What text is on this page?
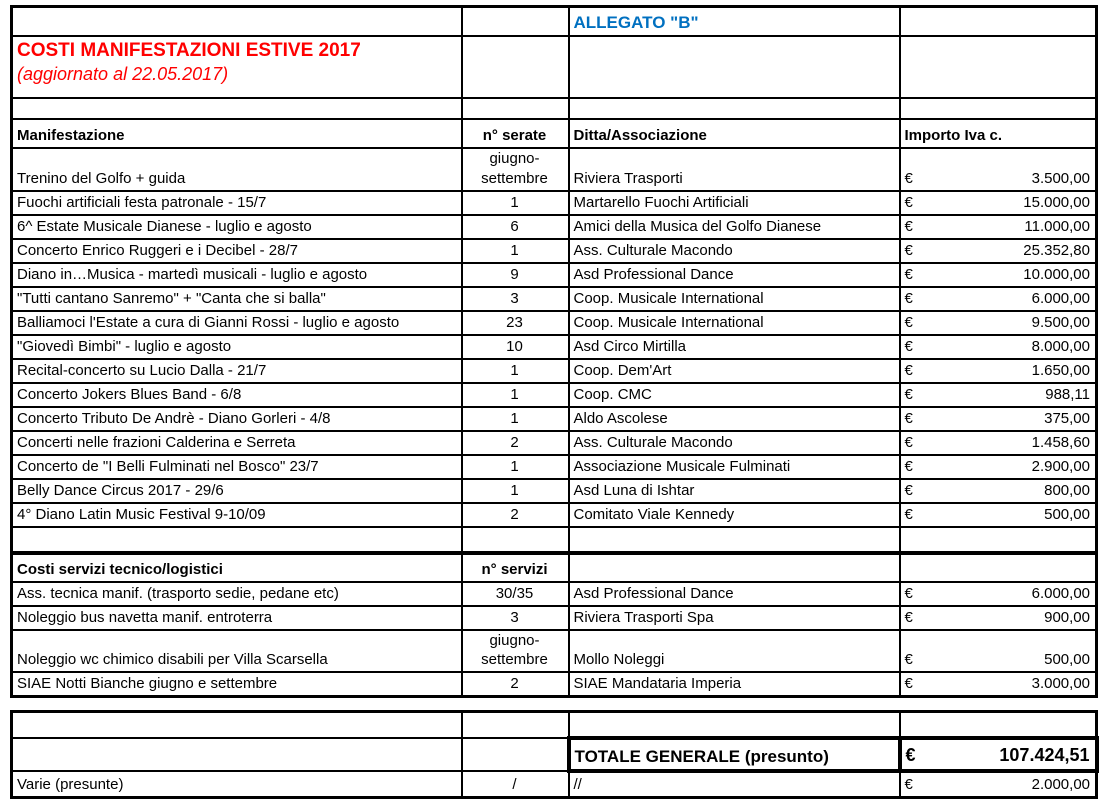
		ALLEGATO "B"	

COSTI MANIFESTAZIONI ESTIVE 2017
(aggiornato al 22.05.2017)			

Manifestazione	n° serate	Ditta/Associazione	Importo Iva c.
Trenino del Golfo + guida	giugno-settembre	Riviera Trasporti	€ 3.500,00

Fuochi artificiali festa patronale - 15/7	1	Martarello Fuochi Artificiali	€ 15.000,00

6^ Estate Musicale Dianese - luglio e agosto	6	Amici della Musica del Golfo Dianese	€ 11.000,00

Concerto Enrico Ruggeri e i Decibel - 28/7	1	Ass. Culturale Macondo	€ 25.352,80

Diano in…Musica - martedì musicali - luglio e agosto	9	Asd Professional Dance	€ 10.000,00

"Tutti cantano Sanremo" + "Canta che si balla"	3	Coop. Musicale International	€ 6.000,00

Balliamoci l'Estate a cura di Gianni Rossi - luglio e agosto	23	Coop. Musicale International	€ 9.500,00

"Giovedì Bimbi" - luglio e agosto	10	Asd Circo Mirtilla	€ 8.000,00

Recital-concerto su Lucio Dalla - 21/7	1	Coop. Dem'Art	€ 1.650,00

Concerto Jokers Blues Band - 6/8	1	Coop. CMC	€ 988,11

Concerto Tributo De Andrè - Diano Gorleri - 4/8	1	Aldo Ascolese	€ 375,00

Concerti nelle frazioni Calderina e Serreta	2	Ass. Culturale Macondo	€ 1.458,60

Concerto de "I Belli Fulminati nel Bosco" 23/7	1	Associazione Musicale Fulminati	€ 2.900,00

Belly Dance Circus 2017 - 29/6	1	Asd Luna di Ishtar	€ 800,00

4° Diano Latin Music Festival 9-10/09	2	Comitato Viale Kennedy	€ 500,00

Costi servizi tecnico/logistici	n° servizi		
Ass. tecnica manif. (trasporto sedie, pedane etc)	30/35	Asd Professional Dance	€ 6.000,00

Noleggio bus navetta manif. entroterra	3	Riviera Trasporti Spa	€ 900,00

Noleggio wc chimico disabili per Villa Scarsella	giugno-settembre	Mollo Noleggi	€ 500,00

SIAE Notti Bianche giugno e settembre	2	SIAE Mandataria Imperia	€ 3.000,00

		TOTALE GENERALE (presunto)	€ 107.424,51

Varie (presunte)	/	//	€ 2.000,00
